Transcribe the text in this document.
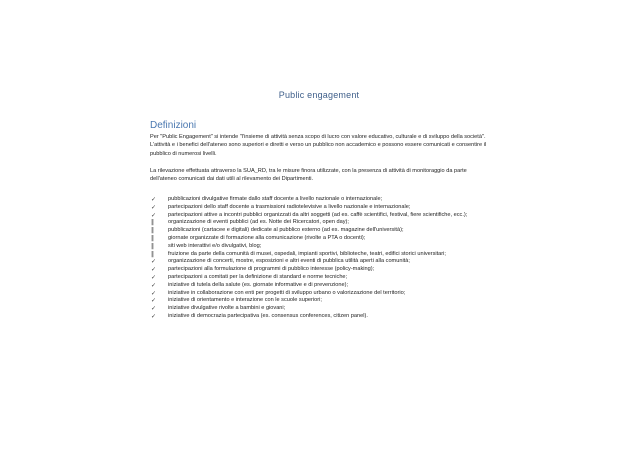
Public engagement
Definizioni
Per "Public Engagement" si intende "l'insieme di attività senza scopo di lucro con valore educativo, culturale e di sviluppo della società". L'attività e i benefici dell'ateneo sono superiori e diretti e verso un pubblico non accademico e possono essere comunicati e consentire il pubblico di numerosi livelli.
La rilevazione effettuata attraverso la SUA_RD, tra le misure finora utilizzate, con la presenza di attività di monitoraggio da parte dell'ateneo comunicati dai dati utili al rilevamento dei Dipartimenti.
✓	pubblicazioni divulgative firmate dallo staff docente a livello nazionale o internazionale;
✓	partecipazioni dello staff docente a trasmissioni radiotelevisive a livello nazionale e internazionale;
✓	partecipazioni attive a incontri pubblici organizzati da altri soggetti (ad es. caffè scientifici, festival, fiere scientifiche, ecc.);
‖	organizzazione di eventi pubblici (ad es. Notte dei Ricercatori, open day);
‖	pubblicazioni (cartacee e digitali) dedicate al pubblico esterno (ad es. magazine dell'università);
‖	giornate organizzate di formazione alla comunicazione (rivolte a PTA o docenti);
‖	siti web interattivi e/o divulgativi, blog;
‖	fruizione da parte della comunità di musei, ospedali, impianti sportivi, biblioteche, teatri, edifici storici universitari;
✓	organizzazione di concerti, mostre, esposizioni e altri eventi di pubblica utilità aperti alla comunità;
✓	partecipazioni alla formulazione di programmi di pubblico interesse (policy-making);
✓	partecipazioni a comitati per la definizione di standard e norme tecniche;
✓	iniziative di tutela della salute (es. giornate informative e di prevenzione);
✓	iniziative in collaborazione con enti per progetti di sviluppo urbano o valorizzazione del territorio;
✓	iniziative di orientamento e interazione con le scuole superiori;
✓	iniziative divulgative rivolte a bambini e giovani;
✓	iniziative di democrazia partecipativa (es. consensus conferences, citizen panel).
